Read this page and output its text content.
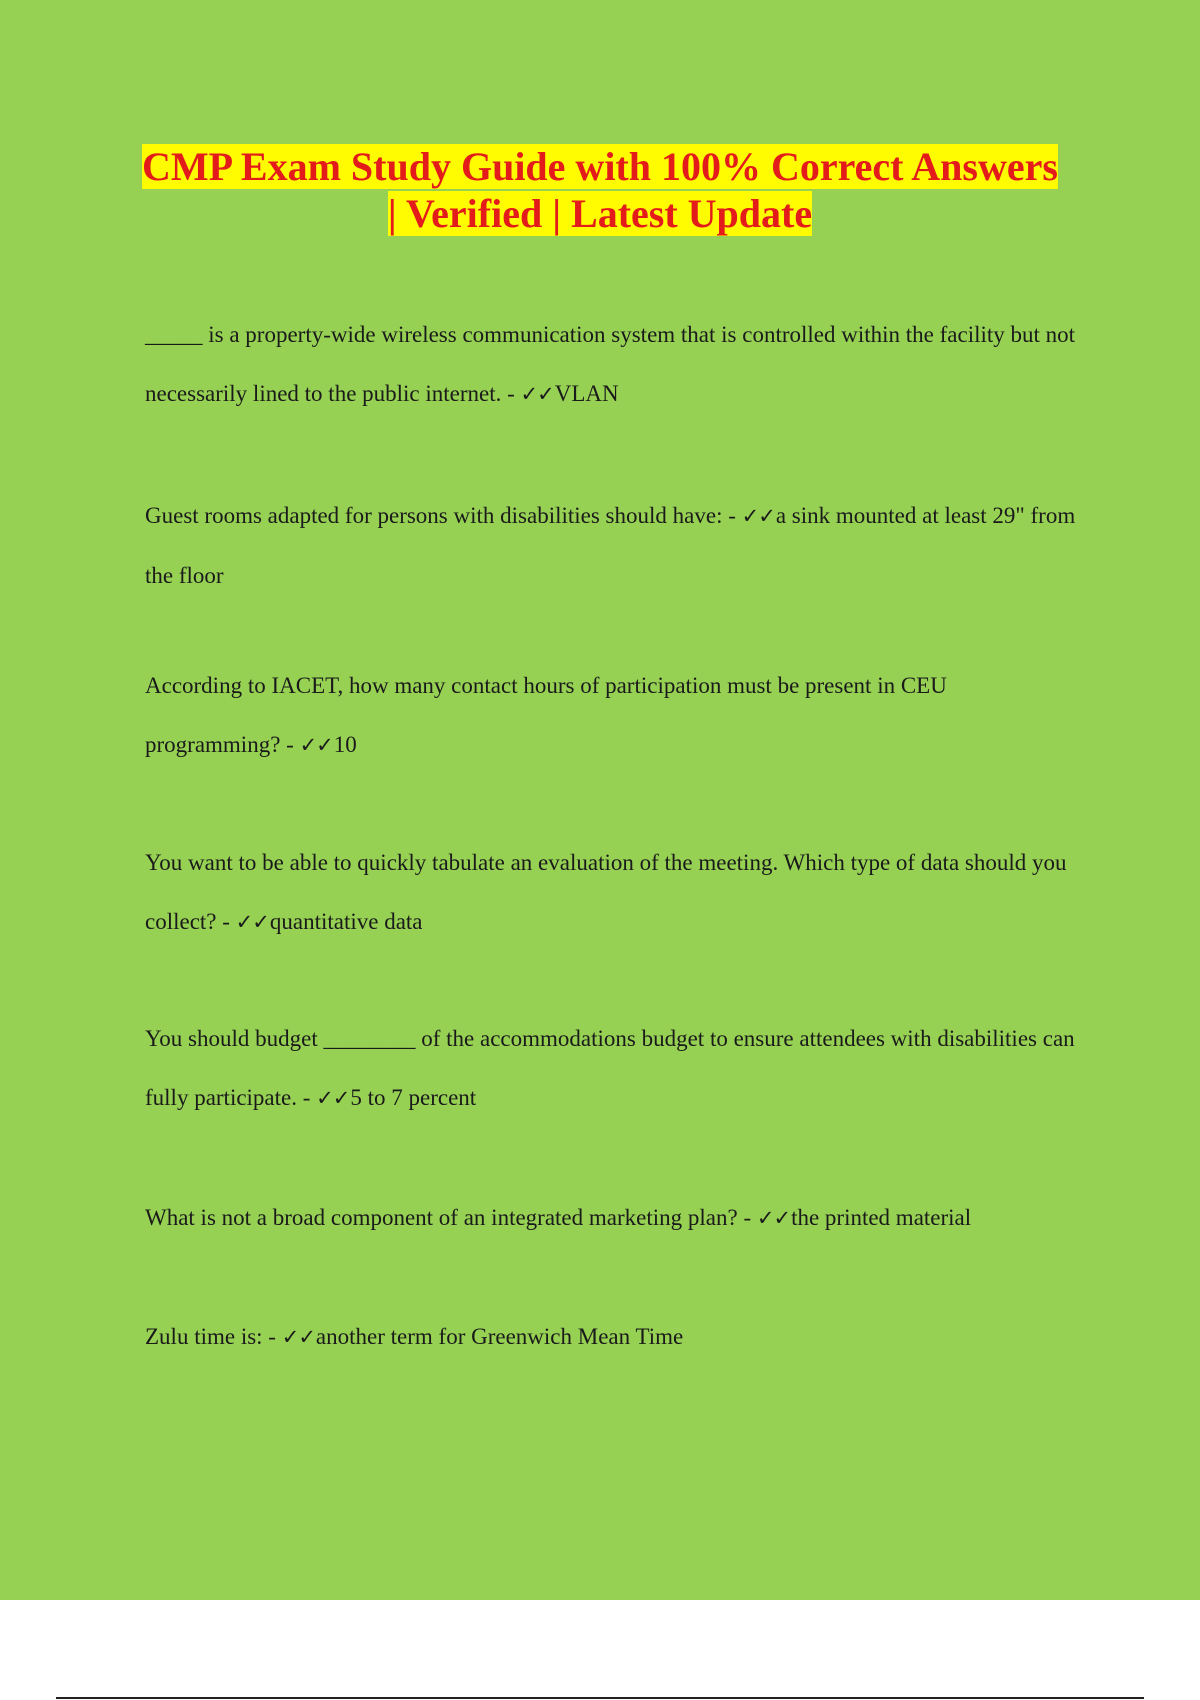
CMP Exam Study Guide with 100% Correct Answers
| Verified | Latest Update

_____ is a property-wide wireless communication system that is controlled within the facility but not necessarily lined to the public internet. - ✓✓VLAN

Guest rooms adapted for persons with disabilities should have: - ✓✓a sink mounted at least 29" from the floor

According to IACET, how many contact hours of participation must be present in CEU programming? - ✓✓10

You want to be able to quickly tabulate an evaluation of the meeting. Which type of data should you collect? - ✓✓quantitative data

You should budget ________ of the accommodations budget to ensure attendees with disabilities can fully participate. - ✓✓5 to 7 percent

What is not a broad component of an integrated marketing plan? - ✓✓the printed material

Zulu time is: - ✓✓another term for Greenwich Mean Time
